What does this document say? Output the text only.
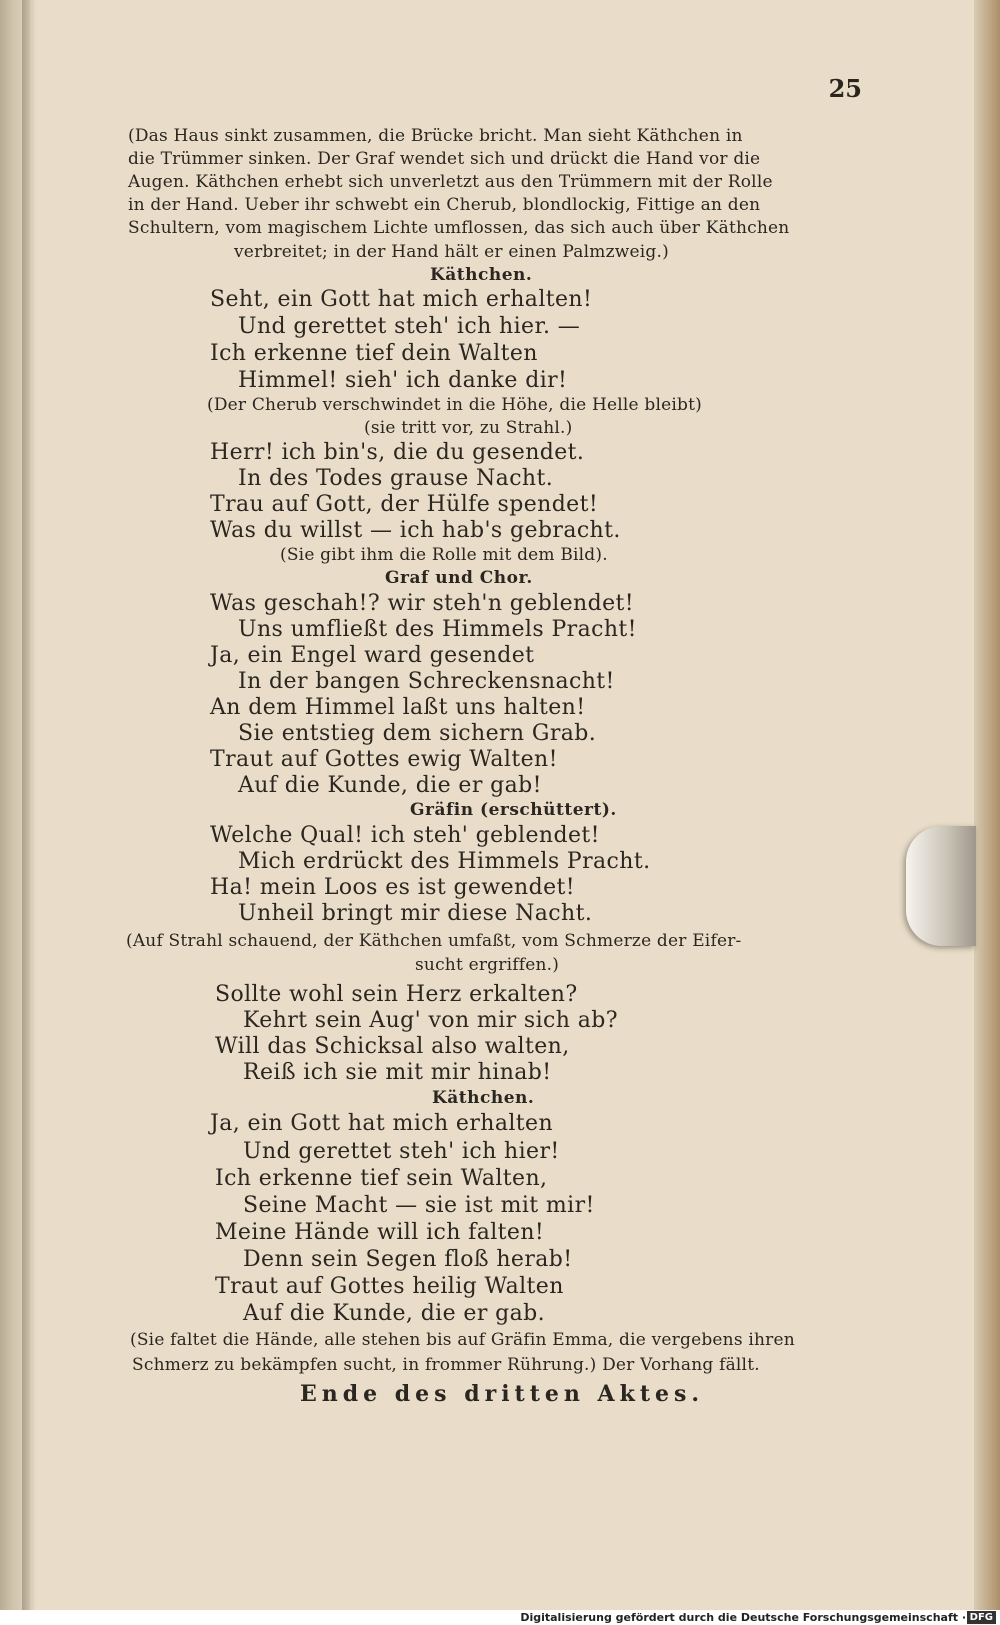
25
(Das Haus sinkt zusammen, die Brücke bricht. Man sieht Käthchen in
die Trümmer sinken. Der Graf wendet sich und drückt die Hand vor die
Augen. Käthchen erhebt sich unverletzt aus den Trümmern mit der Rolle
in der Hand. Ueber ihr schwebt ein Cherub, blondlockig, Fittige an den
Schultern, vom magischem Lichte umflossen, das sich auch über Käthchen
verbreitet; in der Hand hält er einen Palmzweig.)
Käthchen.
Seht, ein Gott hat mich erhalten!
Und gerettet steh' ich hier. —
Ich erkenne tief dein Walten
Himmel! sieh' ich danke dir!
(Der Cherub verschwindet in die Höhe, die Helle bleibt)
(sie tritt vor, zu Strahl.)
Herr! ich bin's, die du gesendet.
In des Todes grause Nacht.
Trau auf Gott, der Hülfe spendet!
Was du willst — ich hab's gebracht.
(Sie gibt ihm die Rolle mit dem Bild).
Graf und Chor.
Was geschah!? wir steh'n geblendet!
Uns umfließt des Himmels Pracht!
Ja, ein Engel ward gesendet
In der bangen Schreckensnacht!
An dem Himmel laßt uns halten!
Sie entstieg dem sichern Grab.
Traut auf Gottes ewig Walten!
Auf die Kunde, die er gab!
Gräfin (erschüttert).
Welche Qual! ich steh' geblendet!
Mich erdrückt des Himmels Pracht.
Ha! mein Loos es ist gewendet!
Unheil bringt mir diese Nacht.
(Auf Strahl schauend, der Käthchen umfaßt, vom Schmerze der Eifer-
sucht ergriffen.)
Sollte wohl sein Herz erkalten?
Kehrt sein Aug' von mir sich ab?
Will das Schicksal also walten,
Reiß ich sie mit mir hinab!
Käthchen.
Ja, ein Gott hat mich erhalten
Und gerettet steh' ich hier!
Ich erkenne tief sein Walten,
Seine Macht — sie ist mit mir!
Meine Hände will ich falten!
Denn sein Segen floß herab!
Traut auf Gottes heilig Walten
Auf die Kunde, die er gab.
(Sie faltet die Hände, alle stehen bis auf Gräfin Emma, die vergebens ihren
Schmerz zu bekämpfen sucht, in frommer Rührung.) Der Vorhang fällt.
Ende des dritten Aktes.
Digitalisierung gefördert durch die Deutsche Forschungsgemeinschaft · DFG
